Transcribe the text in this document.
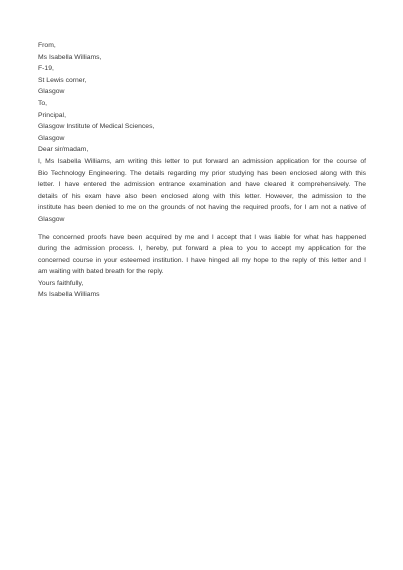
From,
Ms Isabella Williams,
F-19,
St Lewis corner,
Glasgow
To,
Principal,
Glasgow Institute of Medical Sciences,
Glasgow
Dear sir/madam,
I, Ms Isabella Williams, am writing this letter to put forward an admission application for the course of
Bio Technology Engineering. The details regarding my prior studying has been enclosed along with this
letter. I have entered the admission entrance examination and have cleared it comprehensively. The
details of his exam have also been enclosed along with this letter. However, the admission to the
institute has been denied to me on the grounds of not having the required proofs, for I am not a native of
Glasgow
The concerned proofs have been acquired by me and I accept that I was liable for what has happened
during the admission process. I, hereby, put forward a plea to you to accept my application for the
concerned course in your esteemed institution. I have hinged all my hope to the reply of this letter and I
am waiting with bated breath for the reply.
Yours faithfully,
Ms Isabella Williams
